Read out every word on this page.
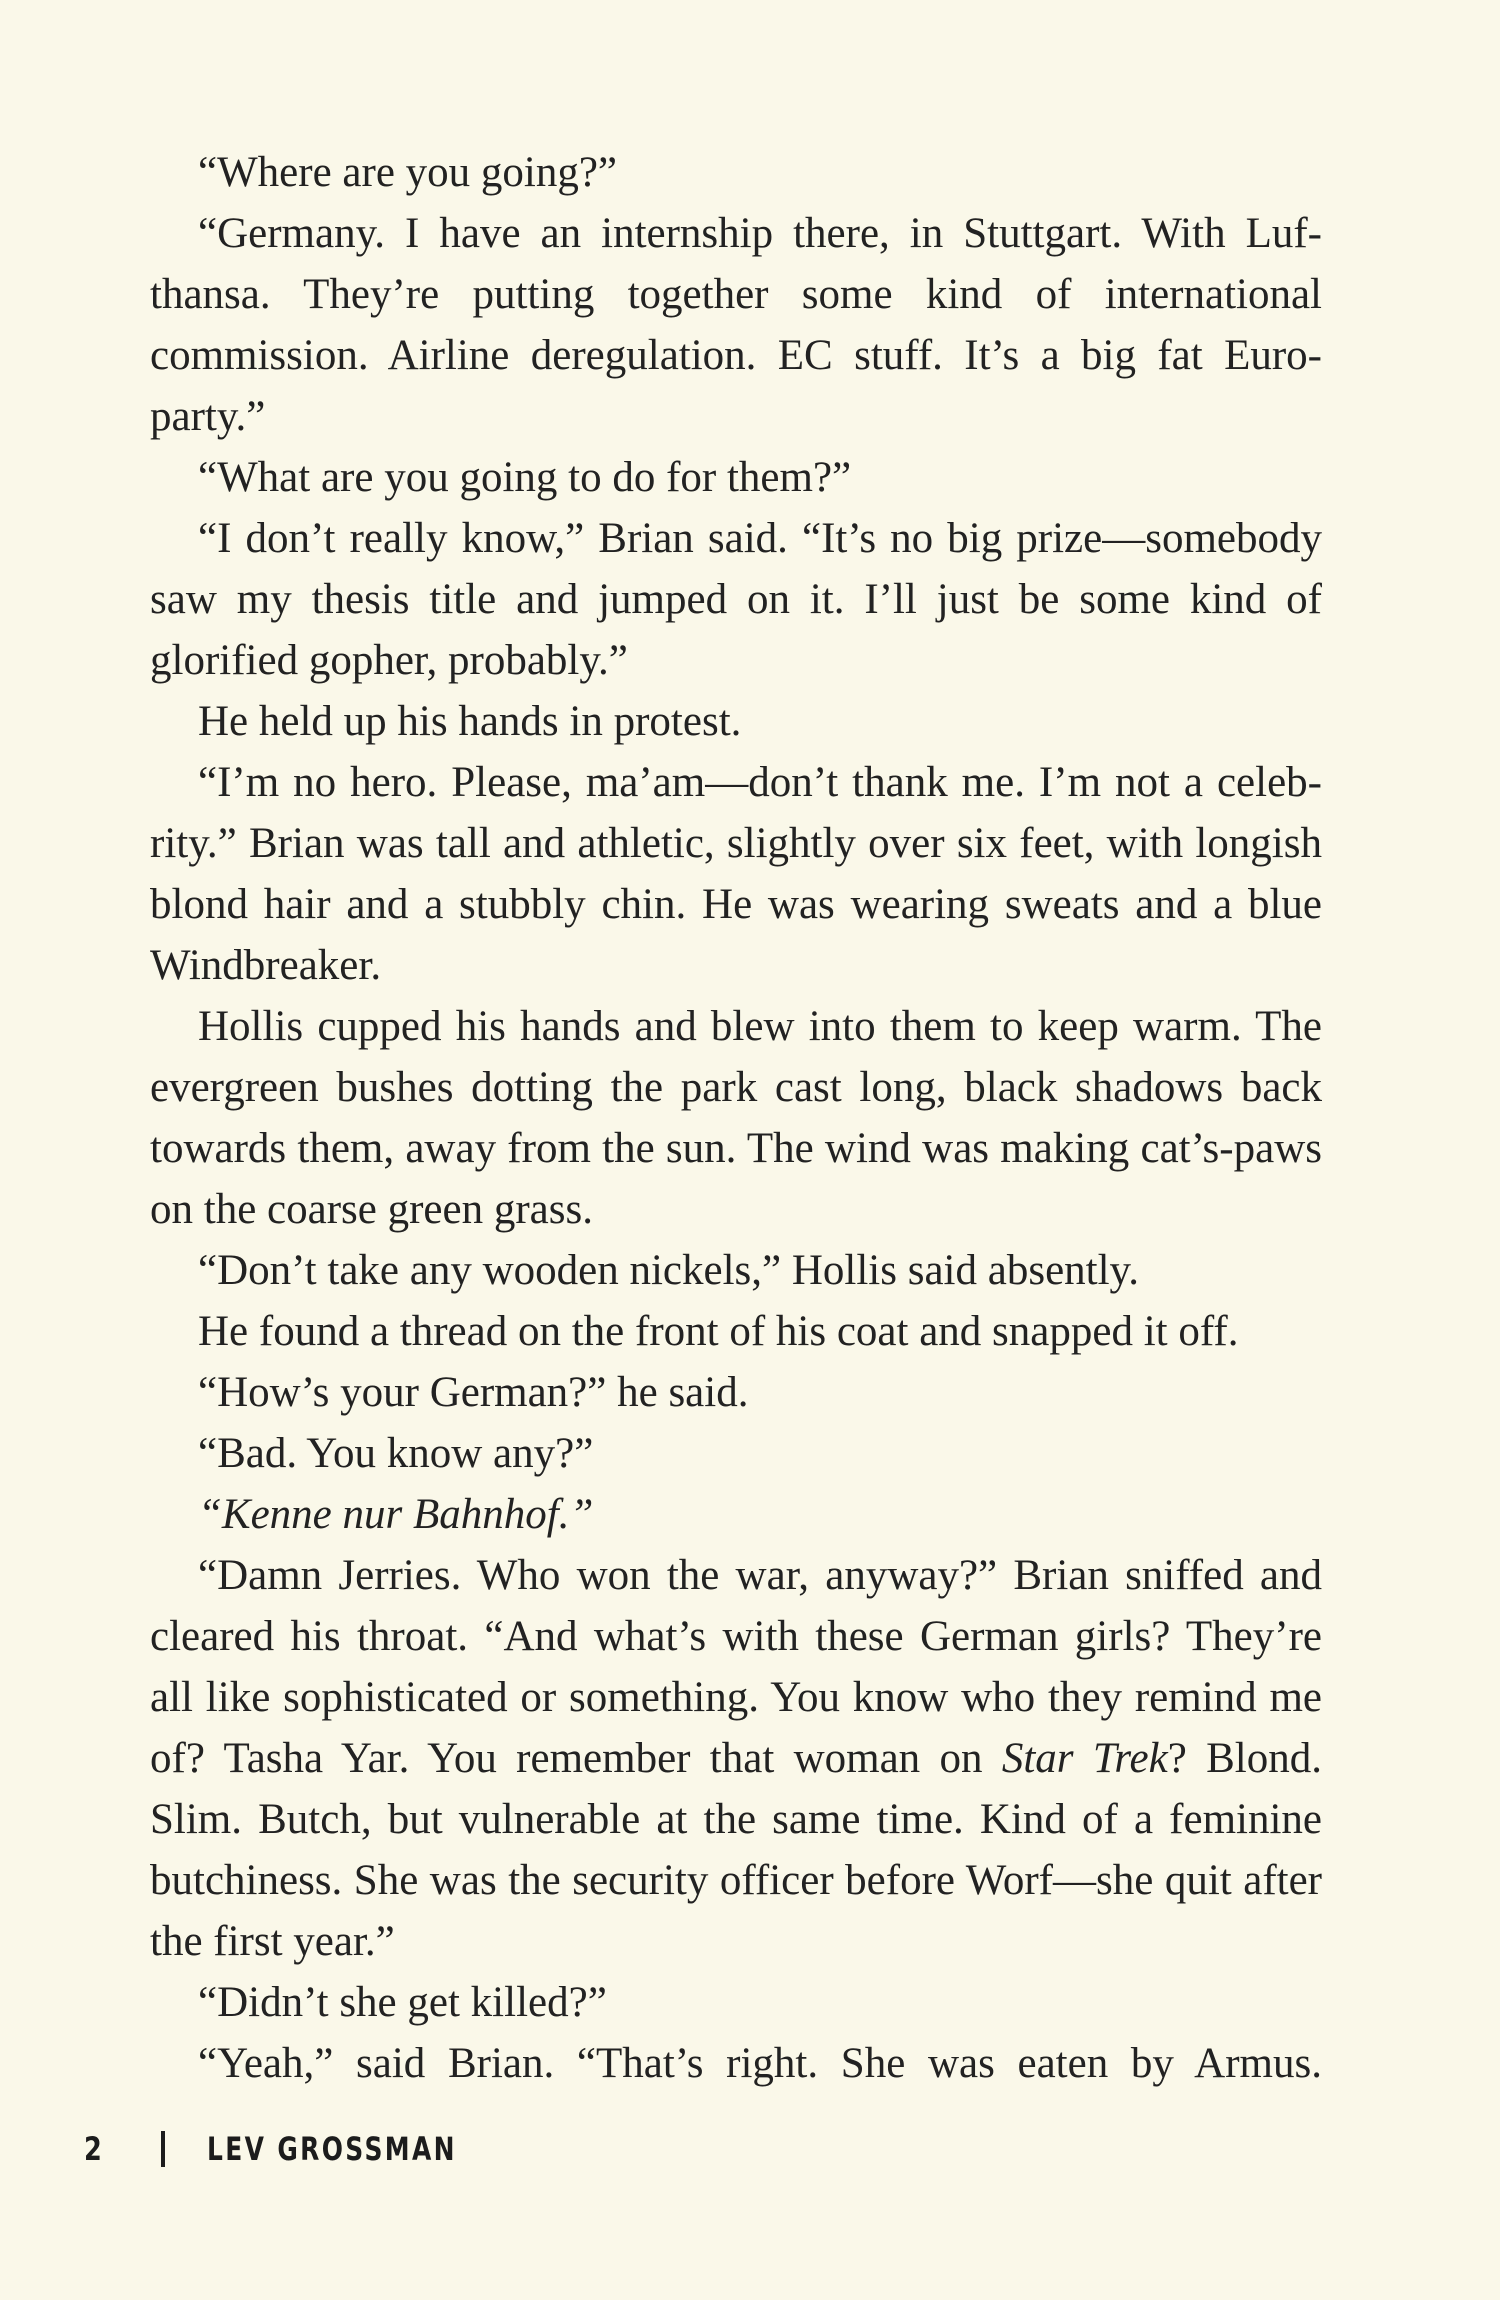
“Where are you going?”

“Germany. I have an internship there, in Stuttgart. With Lufthansa. They’re putting together some kind of international commission. Airline deregulation. EC stuff. It’s a big fat Europarty.”

“What are you going to do for them?”

“I don’t really know,” Brian said. “It’s no big prize—somebody saw my thesis title and jumped on it. I’ll just be some kind of glorified gopher, probably.”

He held up his hands in protest.

“I’m no hero. Please, ma’am—don’t thank me. I’m not a celebrity.” Brian was tall and athletic, slightly over six feet, with longish blond hair and a stubbly chin. He was wearing sweats and a blue Windbreaker.

Hollis cupped his hands and blew into them to keep warm. The evergreen bushes dotting the park cast long, black shadows back towards them, away from the sun. The wind was making cat’s-paws on the coarse green grass.

“Don’t take any wooden nickels,” Hollis said absently.

He found a thread on the front of his coat and snapped it off.

“How’s your German?” he said.

“Bad. You know any?”

“Kenne nur Bahnhof.”

“Damn Jerries. Who won the war, anyway?” Brian sniffed and cleared his throat. “And what’s with these German girls? They’re all like sophisticated or something. You know who they remind me of? Tasha Yar. You remember that woman on Star Trek? Blond. Slim. Butch, but vulnerable at the same time. Kind of a feminine butchiness. She was the security officer before Worf—she quit after the first year.”

“Didn’t she get killed?”

“Yeah,” said Brian. “That’s right. She was eaten by Armus.

2	LEV GROSSMAN
